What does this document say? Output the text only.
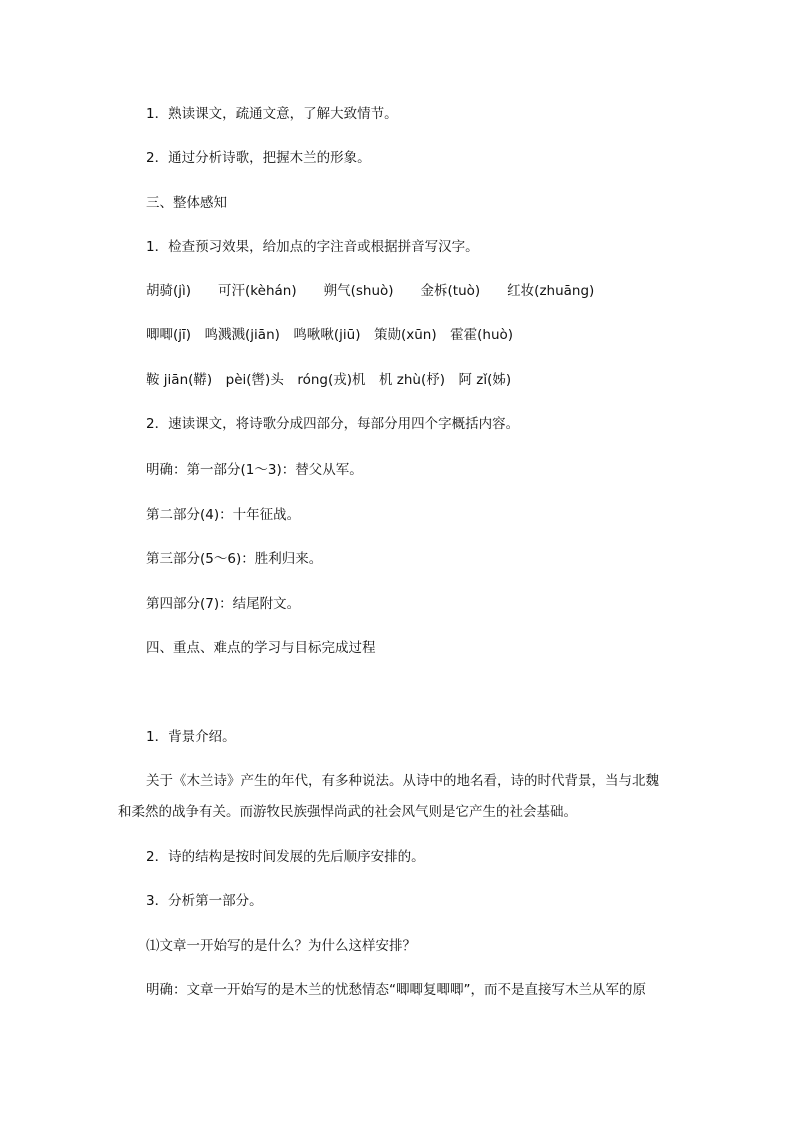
1．熟读课文，疏通文意，了解大致情节。
2．通过分析诗歌，把握木兰的形象。
三、整体感知
1．检查预习效果，给加点的字注音或根据拼音写汉字。
胡骑(jì)　　可汗(kèhán)　　朔气(shuò)　　金柝(tuò)　　红妆(zhuāng)
唧唧(jī)　鸣溅溅(jiān)　鸣啾啾(jiū)　策勋(xūn)　霍霍(huò)
鞍 jiān(鞯)　pèi(辔)头　róng(戎)机　机 zhù(杼)　阿 zǐ(姊)
2．速读课文，将诗歌分成四部分，每部分用四个字概括内容。
明确：第一部分(1～3)：替父从军。
第二部分(4)：十年征战。
第三部分(5～6)：胜利归来。
第四部分(7)：结尾附文。
四、重点、难点的学习与目标完成过程
1．背景介绍。
关于《木兰诗》产生的年代，有多种说法。从诗中的地名看，诗的时代背景，当与北魏
和柔然的战争有关。而游牧民族强悍尚武的社会风气则是它产生的社会基础。
2．诗的结构是按时间发展的先后顺序安排的。
3．分析第一部分。
⑴文章一开始写的是什么？为什么这样安排？
明确：文章一开始写的是木兰的忧愁情态“唧唧复唧唧”，而不是直接写木兰从军的原
